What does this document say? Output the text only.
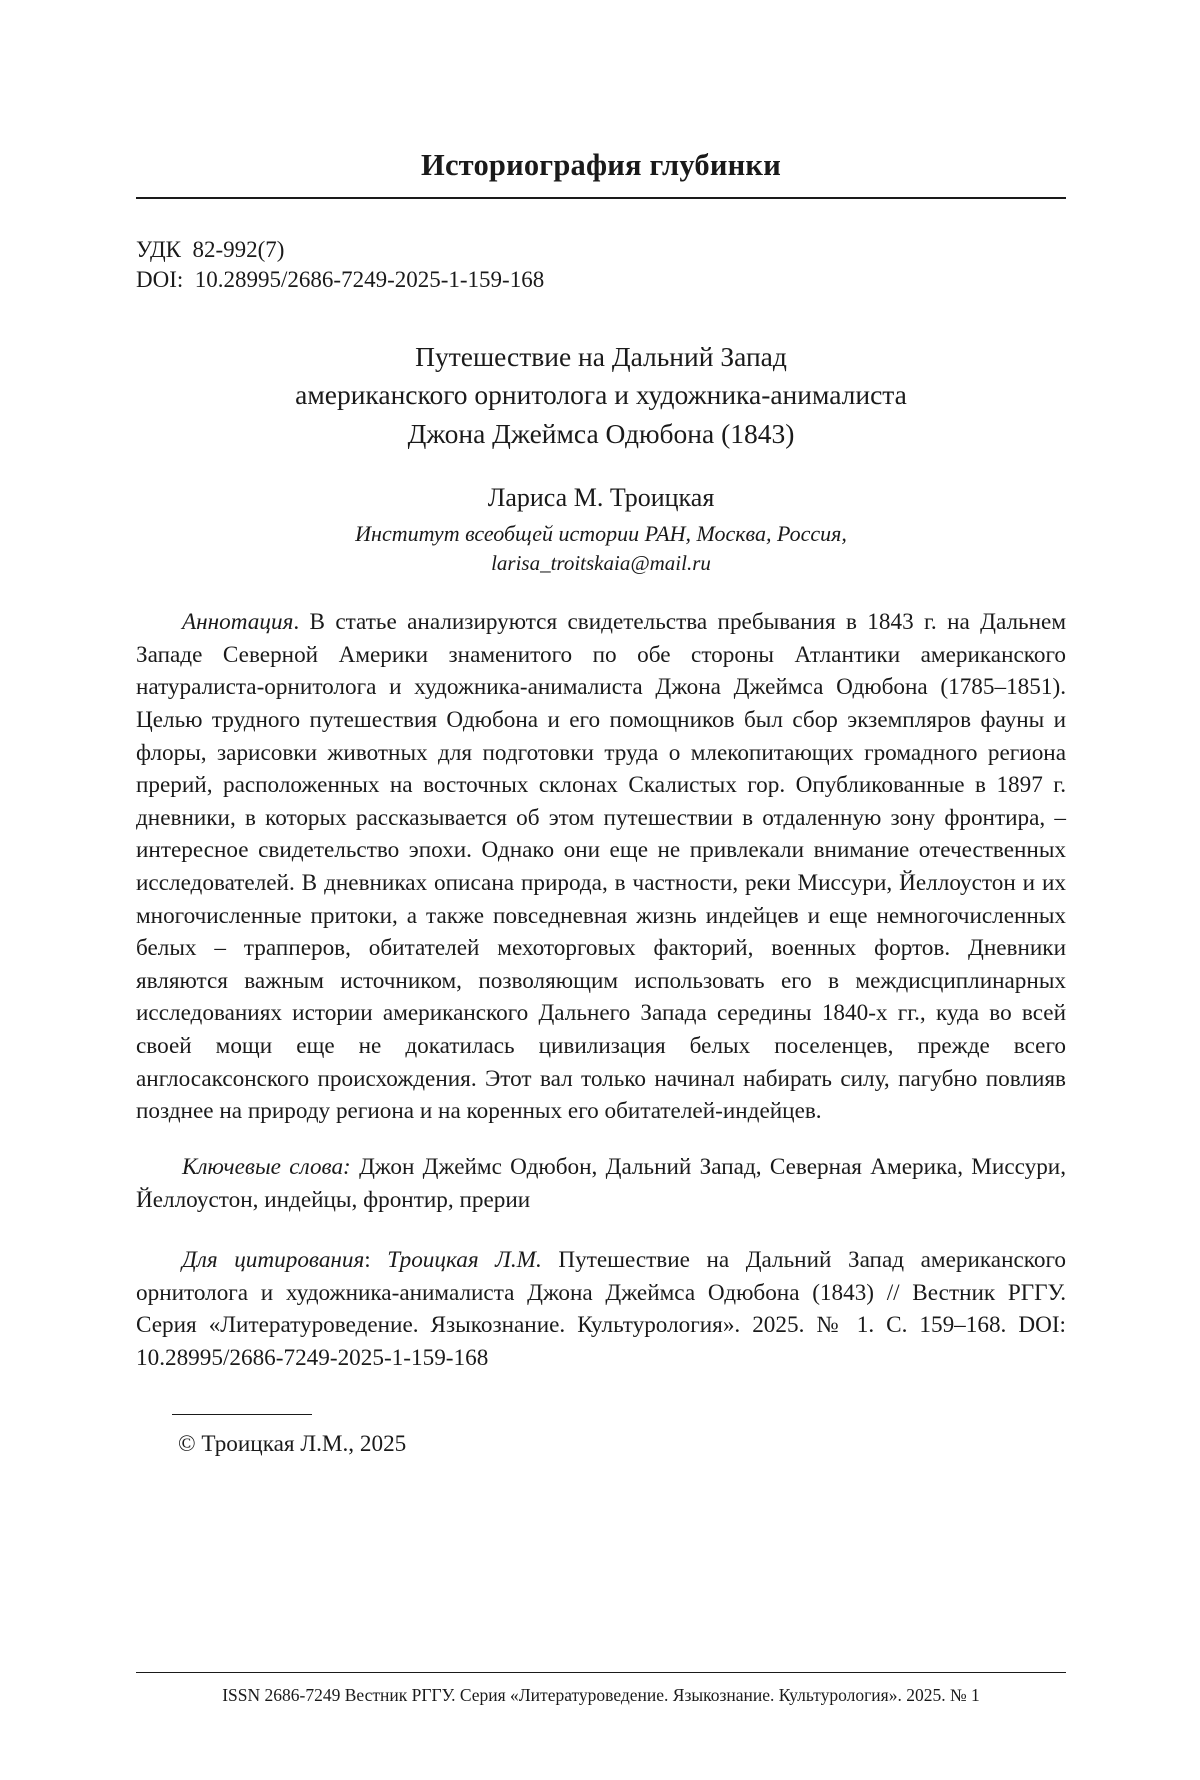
Историография глубинки
УДК  82-992(7)
DOI:  10.28995/2686-7249-2025-1-159-168
Путешествие на Дальний Запад
американского орнитолога и художника-анималиста
Джона Джеймса Одюбона (1843)
Лариса М. Троицкая
Институт всеобщей истории РАН, Москва, Россия,
larisa_troitskaia@mail.ru

Аннотация. В статье анализируются свидетельства пребывания в 1843 г. на Дальнем Западе Северной Америки знаменитого по обе стороны Атлантики американского натуралиста-орнитолога и художника-анималиста Джона Джеймса Одюбона (1785–1851). Целью трудного путешествия Одюбона и его помощников был сбор экземпляров фауны и флоры, зарисовки животных для подготовки труда о млекопитающих громадного региона прерий, расположенных на восточных склонах Скалистых гор. Опубликованные в 1897 г. дневники, в которых рассказывается об этом путешествии в отдаленную зону фронтира, – интересное свидетельство эпохи. Однако они еще не привлекали внимание отечественных исследователей. В дневниках описана природа, в частности, реки Миссури, Йеллоустон и их многочисленные притоки, а также повседневная жизнь индейцев и еще немногочисленных белых – трапперов, обитателей мехоторговых факторий, военных фортов. Дневники являются важным источником, позволяющим использовать его в междисциплинарных исследованиях истории американского Дальнего Запада середины 1840-х гг., куда во всей своей мощи еще не докатилась цивилизация белых поселенцев, прежде всего англосаксонского происхождения. Этот вал только начинал набирать силу, пагубно повлияв позднее на природу региона и на коренных его обитателей-индейцев.

Ключевые слова: Джон Джеймс Одюбон, Дальний Запад, Северная Америка, Миссури, Йеллоустон, индейцы, фронтир, прерии

Для цитирования: Троицкая Л.М. Путешествие на Дальний Запад американского орнитолога и художника-анималиста Джона Джеймса Одюбона (1843) // Вестник РГГУ. Серия «Литературоведение. Языкознание. Культурология». 2025. № 1. С. 159–168. DOI: 10.28995/2686-7249-2025-1-159-168

© Троицкая Л.М., 2025
ISSN 2686-7249 Вестник РГГУ. Серия «Литературоведение. Языкознание. Культурология». 2025. № 1
